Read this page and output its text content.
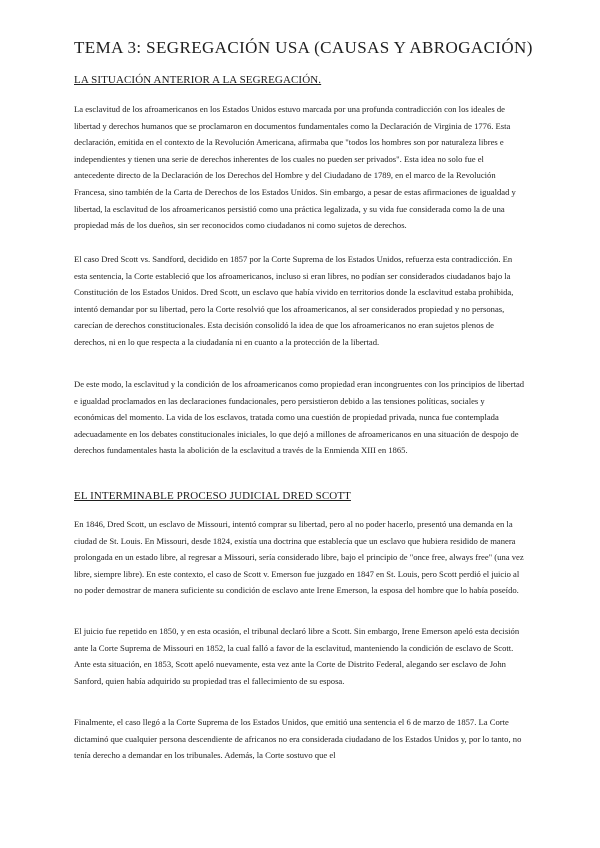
TEMA 3: SEGREGACIÓN USA (CAUSAS Y ABROGACIÓN)
LA SITUACIÓN ANTERIOR A LA SEGREGACIÓN.

La esclavitud de los afroamericanos en los Estados Unidos estuvo marcada por una profunda contradicción con los ideales de libertad y derechos humanos que se proclamaron en documentos fundamentales como la Declaración de Virginia de 1776. Esta declaración, emitida en el contexto de la Revolución Americana, afirmaba que "todos los hombres son por naturaleza libres e independientes y tienen una serie de derechos inherentes de los cuales no pueden ser privados". Esta idea no solo fue el antecedente directo de la Declaración de los Derechos del Hombre y del Ciudadano de 1789, en el marco de la Revolución Francesa, sino también de la Carta de Derechos de los Estados Unidos. Sin embargo, a pesar de estas afirmaciones de igualdad y libertad, la esclavitud de los afroamericanos persistió como una práctica legalizada, y su vida fue considerada como la de una propiedad más de los dueños, sin ser reconocidos como ciudadanos ni como sujetos de derechos.

El caso Dred Scott vs. Sandford, decidido en 1857 por la Corte Suprema de los Estados Unidos, refuerza esta contradicción. En esta sentencia, la Corte estableció que los afroamericanos, incluso si eran libres, no podían ser considerados ciudadanos bajo la Constitución de los Estados Unidos. Dred Scott, un esclavo que había vivido en territorios donde la esclavitud estaba prohibida, intentó demandar por su libertad, pero la Corte resolvió que los afroamericanos, al ser considerados propiedad y no personas, carecían de derechos constitucionales. Esta decisión consolidó la idea de que los afroamericanos no eran sujetos plenos de derechos, ni en lo que respecta a la ciudadanía ni en cuanto a la protección de la libertad.

De este modo, la esclavitud y la condición de los afroamericanos como propiedad eran incongruentes con los principios de libertad e igualdad proclamados en las declaraciones fundacionales, pero persistieron debido a las tensiones políticas, sociales y económicas del momento. La vida de los esclavos, tratada como una cuestión de propiedad privada, nunca fue contemplada adecuadamente en los debates constitucionales iniciales, lo que dejó a millones de afroamericanos en una situación de despojo de derechos fundamentales hasta la abolición de la esclavitud a través de la Enmienda XIII en 1865.

EL INTERMINABLE PROCESO JUDICIAL DRED SCOTT

En 1846, Dred Scott, un esclavo de Missouri, intentó comprar su libertad, pero al no poder hacerlo, presentó una demanda en la ciudad de St. Louis. En Missouri, desde 1824, existía una doctrina que establecía que un esclavo que hubiera residido de manera prolongada en un estado libre, al regresar a Missouri, sería considerado libre, bajo el principio de "once free, always free" (una vez libre, siempre libre). En este contexto, el caso de Scott v. Emerson fue juzgado en 1847 en St. Louis, pero Scott perdió el juicio al no poder demostrar de manera suficiente su condición de esclavo ante Irene Emerson, la esposa del hombre que lo había poseído.

El juicio fue repetido en 1850, y en esta ocasión, el tribunal declaró libre a Scott. Sin embargo, Irene Emerson apeló esta decisión ante la Corte Suprema de Missouri en 1852, la cual falló a favor de la esclavitud, manteniendo la condición de esclavo de Scott. Ante esta situación, en 1853, Scott apeló nuevamente, esta vez ante la Corte de Distrito Federal, alegando ser esclavo de John Sanford, quien había adquirido su propiedad tras el fallecimiento de su esposa.

Finalmente, el caso llegó a la Corte Suprema de los Estados Unidos, que emitió una sentencia el 6 de marzo de 1857. La Corte dictaminó que cualquier persona descendiente de africanos no era considerada ciudadano de los Estados Unidos y, por lo tanto, no tenía derecho a demandar en los tribunales. Además, la Corte sostuvo que el
